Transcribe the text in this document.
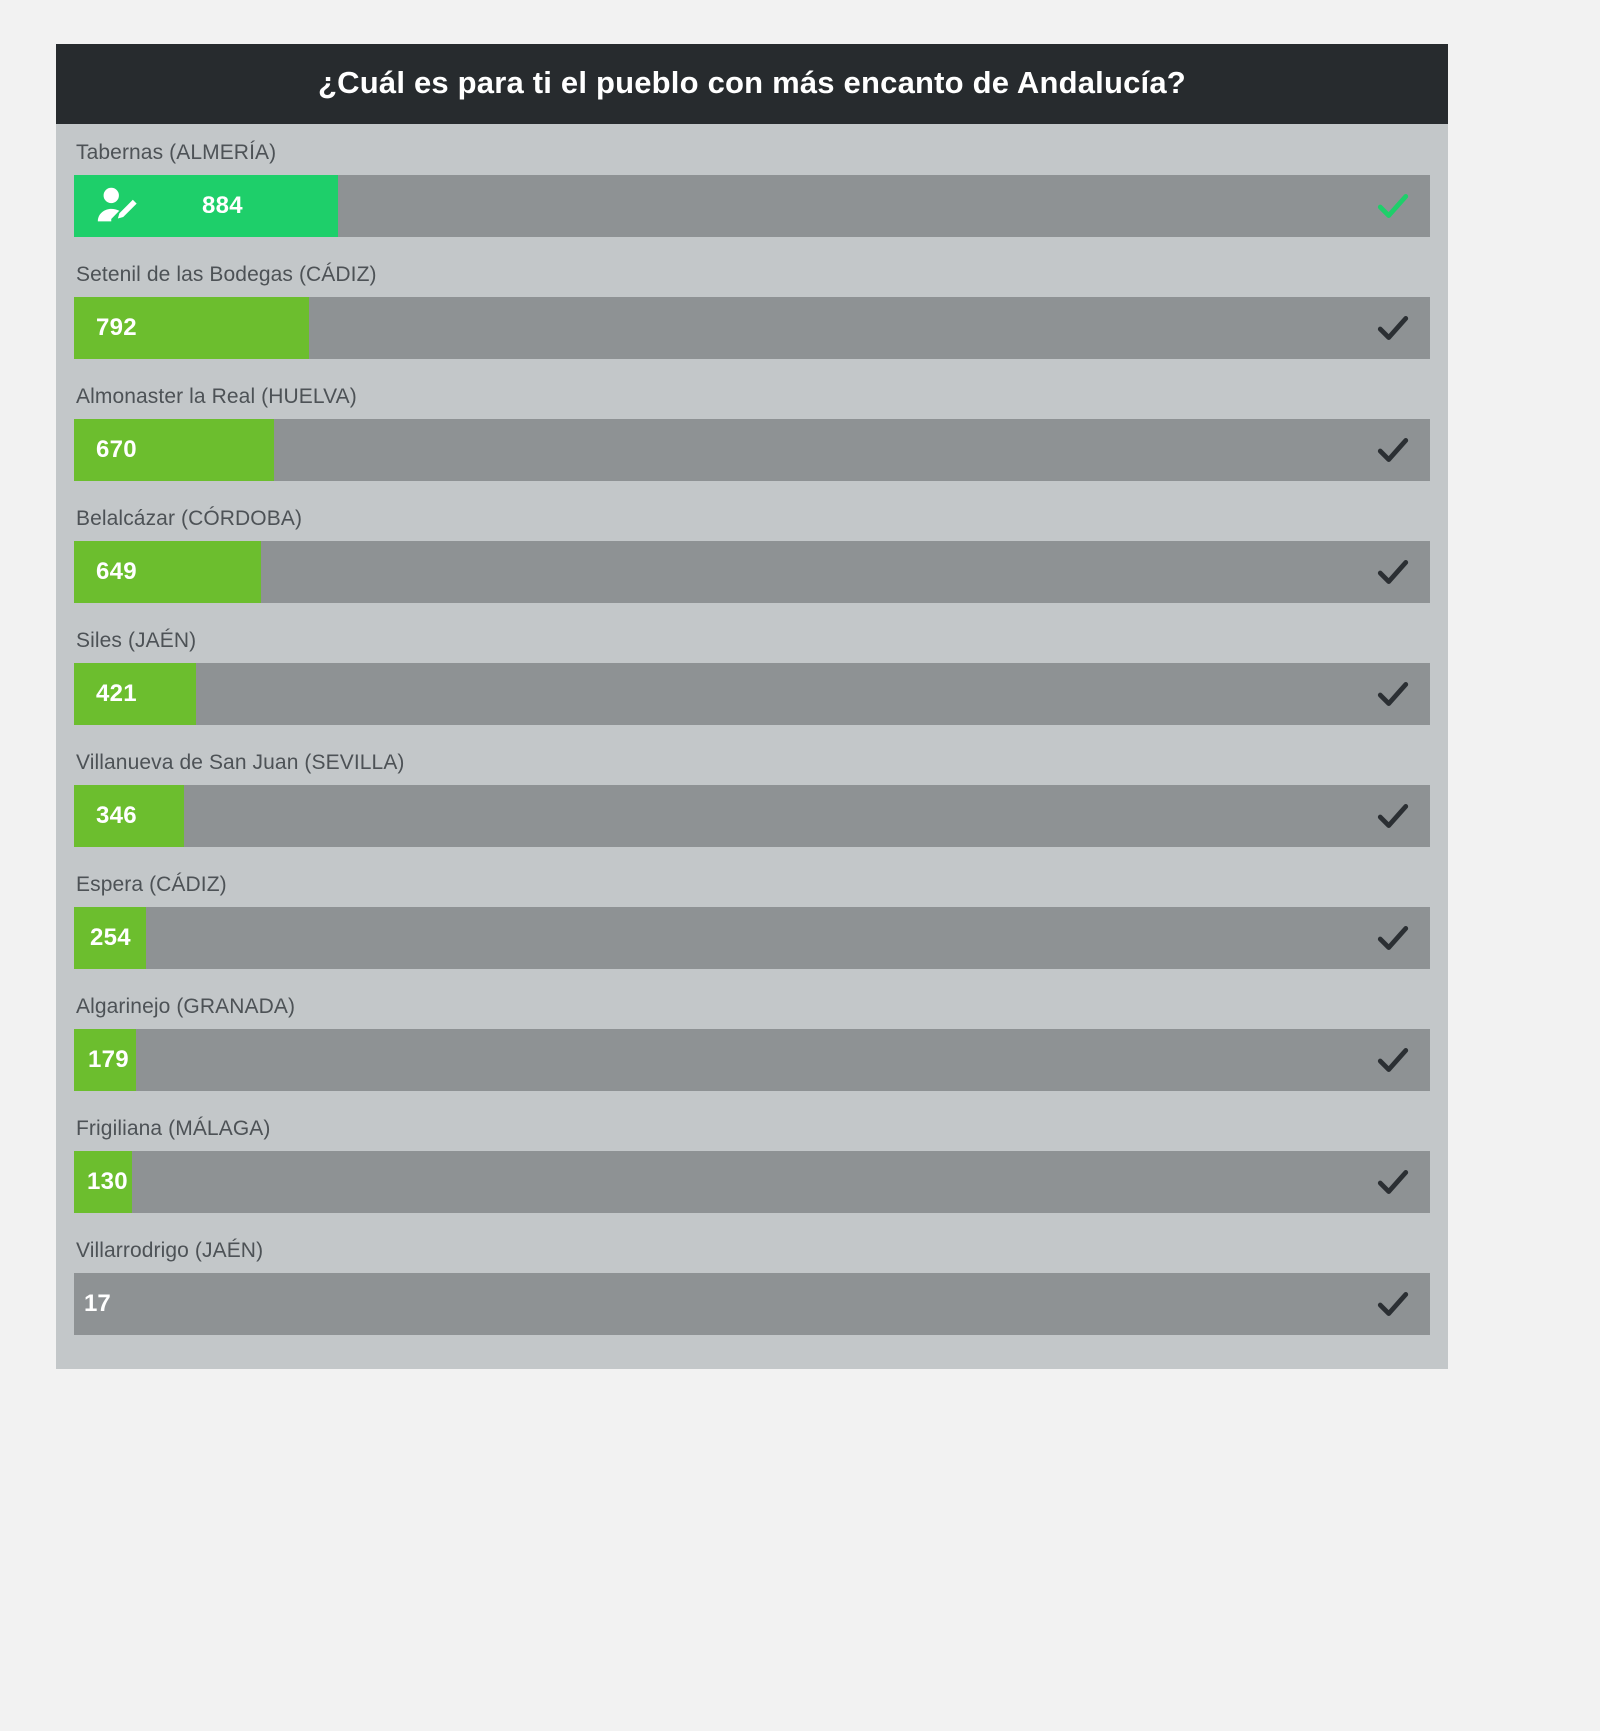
¿Cuál es para ti el pueblo con más encanto de Andalucía?
Tabernas (ALMERÍA)
884
Setenil de las Bodegas (CÁDIZ)
792
Almonaster la Real (HUELVA)
670
Belalcázar (CÓRDOBA)
649
Siles (JAÉN)
421
Villanueva de San Juan (SEVILLA)
346
Espera (CÁDIZ)
254
Algarinejo (GRANADA)
179
Frigiliana (MÁLAGA)
130
Villarrodrigo (JAÉN)
17
